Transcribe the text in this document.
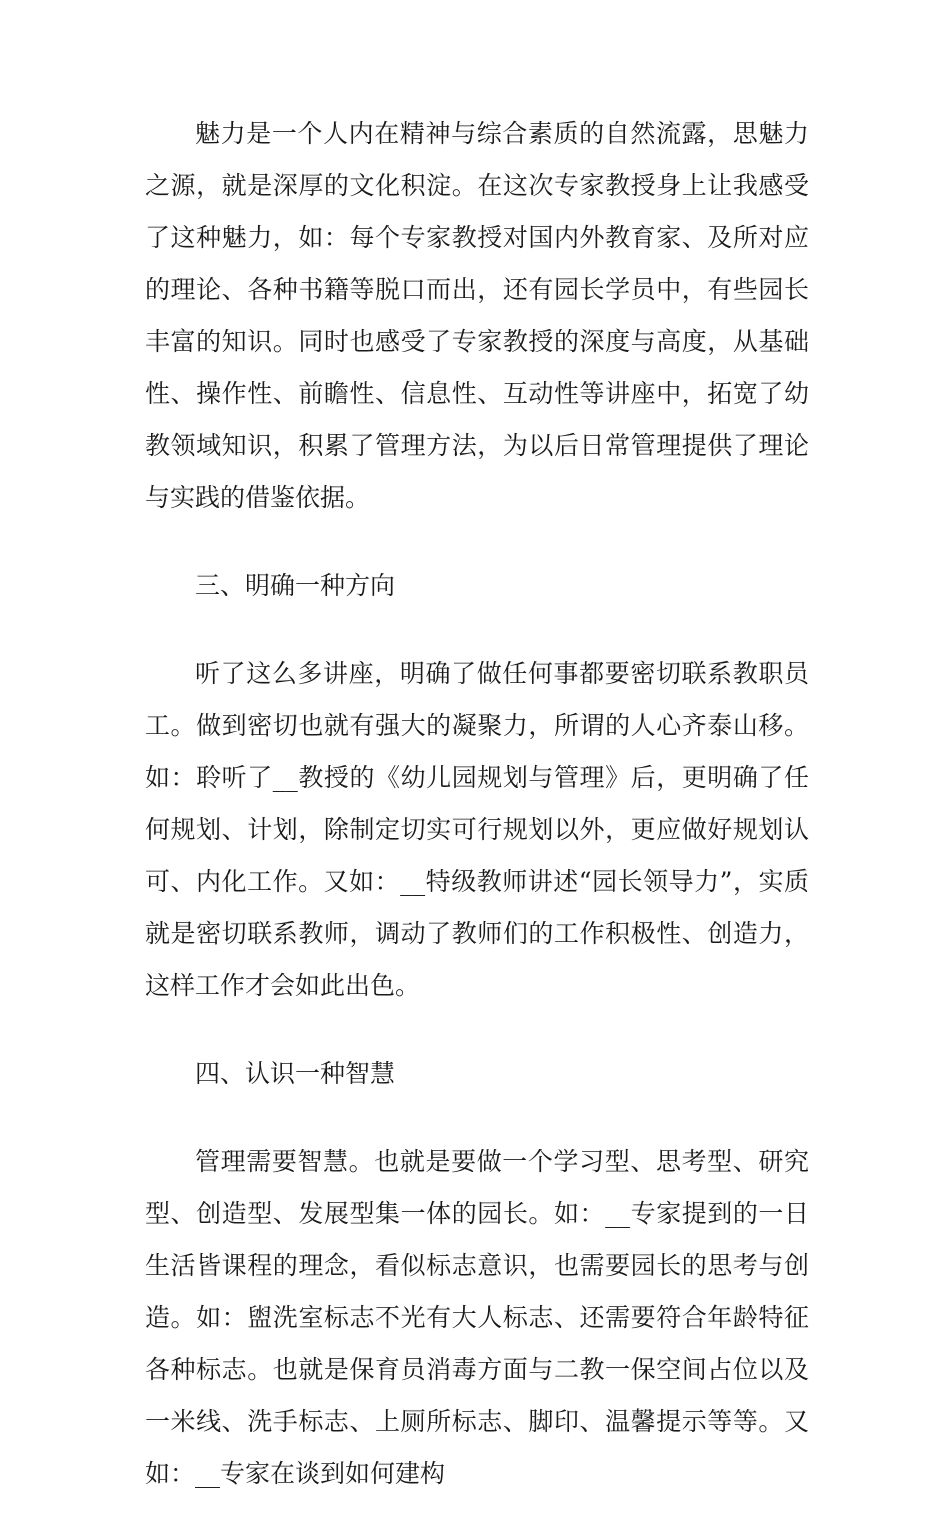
魅力是一个人内在精神与综合素质的自然流露，思魅力之源，就是深厚的文化积淀。在这次专家教授身上让我感受了这种魅力，如：每个专家教授对国内外教育家、及所对应的理论、各种书籍等脱口而出，还有园长学员中，有些园长丰富的知识。同时也感受了专家教授的深度与高度，从基础性、操作性、前瞻性、信息性、互动性等讲座中，拓宽了幼教领域知识，积累了管理方法，为以后日常管理提供了理论与实践的借鉴依据。

三、明确一种方向

听了这么多讲座，明确了做任何事都要密切联系教职员工。做到密切也就有强大的凝聚力，所谓的人心齐泰山移。如：聆听了__教授的《幼儿园规划与管理》后，更明确了任何规划、计划，除制定切实可行规划以外，更应做好规划认可、内化工作。又如：__特级教师讲述“园长领导力”，实质就是密切联系教师，调动了教师们的工作积极性、创造力，这样工作才会如此出色。

四、认识一种智慧

管理需要智慧。也就是要做一个学习型、思考型、研究型、创造型、发展型集一体的园长。如：__专家提到的一日生活皆课程的理念，看似标志意识，也需要园长的思考与创造。如：盥洗室标志不光有大人标志、还需要符合年龄特征各种标志。也就是保育员消毒方面与二教一保空间占位以及一米线、洗手标志、上厕所标志、脚印、温馨提示等等。又如：__专家在谈到如何建构
